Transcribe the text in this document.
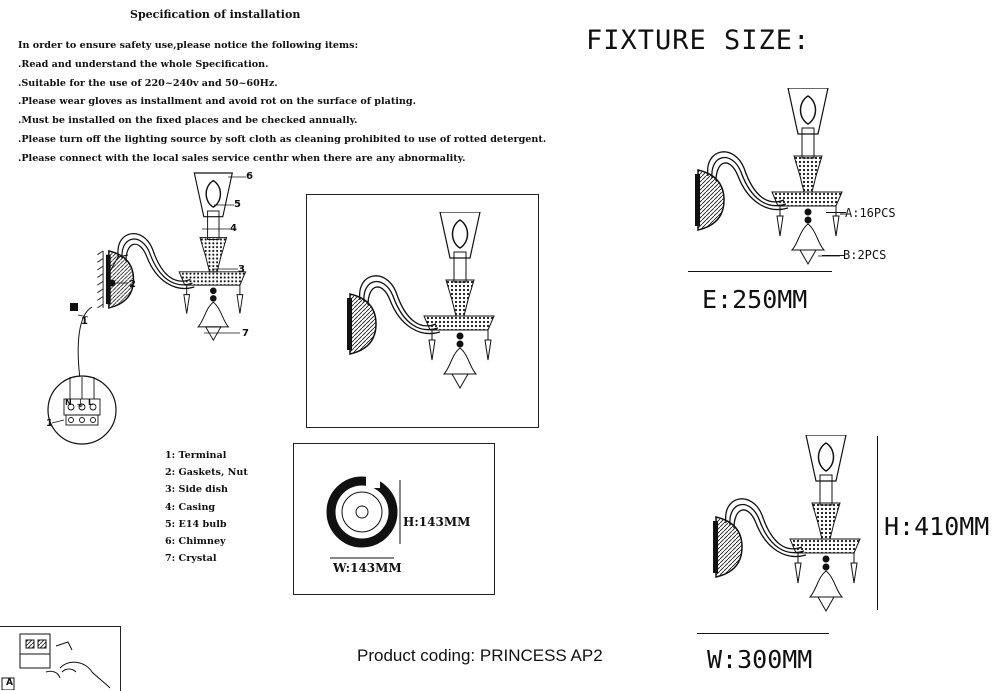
Specification of installation
In order to ensure safety use,please notice the following items:
.Read and understand the whole Specification.
.Suitable for the use of 220~240v and 50~60Hz.
.Please wear gloves as installment and avoid rot on the surface of plating.
.Must be installed on the fixed places and be checked annually.
.Please turn off the lighting source by soft cloth as cleaning prohibited to use of rotted detergent.
.Please connect with the local sales service centhr when there are any abnormality.
FIXTURE SIZE:
6
5
4
3
2
7
1
1
N ⏚ L
1: Terminal
2: Gaskets, Nut
3: Side dish
4: Casing
5: E14 bulb
6: Chimney
7: Crystal
H:143MM
W:143MM
A:16PCS
B:2PCS
E:250MM
H:410MM
W:300MM
Product coding: PRINCESS AP2
A
